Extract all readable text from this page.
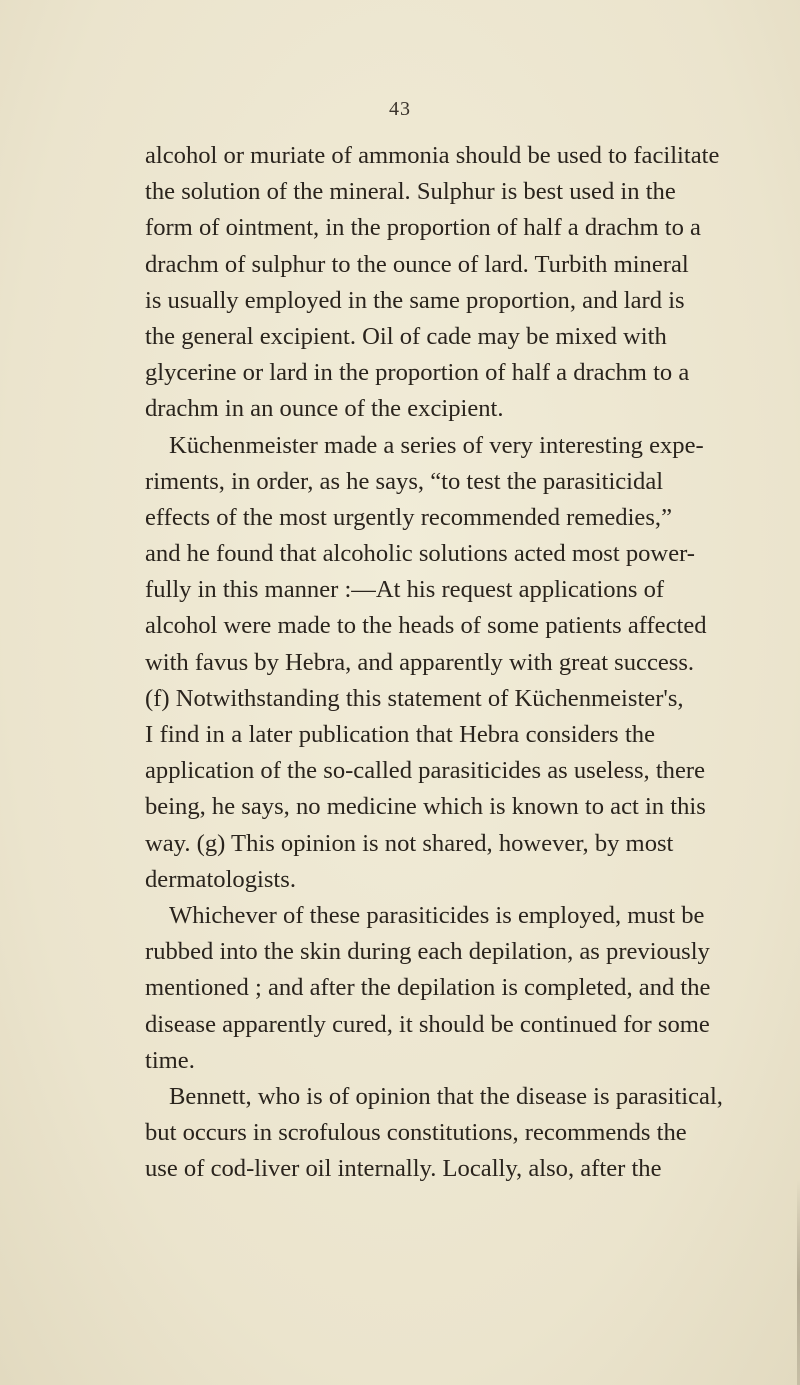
43
alcohol or muriate of ammonia should be used to facilitate
the solution of the mineral. Sulphur is best used in the
form of ointment, in the proportion of half a drachm to a
drachm of sulphur to the ounce of lard. Turbith mineral
is usually employed in the same proportion, and lard is
the general excipient. Oil of cade may be mixed with
glycerine or lard in the proportion of half a drachm to a
drachm in an ounce of the excipient.
Küchenmeister made a series of very interesting expe-
riments, in order, as he says, “to test the parasiticidal
effects of the most urgently recommended remedies,”
and he found that alcoholic solutions acted most power-
fully in this manner :—At his request applications of
alcohol were made to the heads of some patients affected
with favus by Hebra, and apparently with great success.
(f) Notwithstanding this statement of Küchenmeister's,
I find in a later publication that Hebra considers the
application of the so-called parasiticides as useless, there
being, he says, no medicine which is known to act in this
way. (g) This opinion is not shared, however, by most
dermatologists.
Whichever of these parasiticides is employed, must be
rubbed into the skin during each depilation, as previously
mentioned ; and after the depilation is completed, and the
disease apparently cured, it should be continued for some
time.
Bennett, who is of opinion that the disease is parasitical,
but occurs in scrofulous constitutions, recommends the
use of cod-liver oil internally. Locally, also, after the
